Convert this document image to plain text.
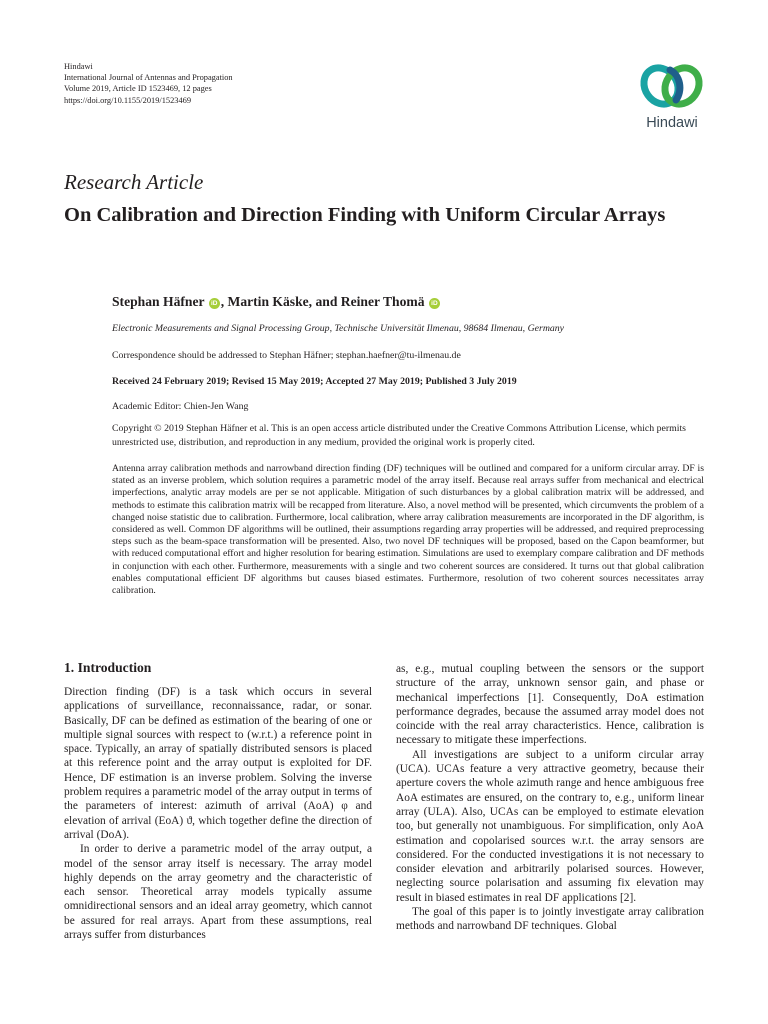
Hindawi
International Journal of Antennas and Propagation
Volume 2019, Article ID 1523469, 12 pages
https://doi.org/10.1155/2019/1523469
Hindawi
Research Article
On Calibration and Direction Finding with Uniform Circular Arrays
Stephan Häfner iD , Martin Käske, and Reiner Thomä iD
Electronic Measurements and Signal Processing Group, Technische Universität Ilmenau, 98684 Ilmenau, Germany
Correspondence should be addressed to Stephan Häfner; stephan.haefner@tu-ilmenau.de
Received 24 February 2019; Revised 15 May 2019; Accepted 27 May 2019; Published 3 July 2019
Academic Editor: Chien-Jen Wang
Copyright © 2019 Stephan Häfner et al. This is an open access article distributed under the Creative Commons Attribution License, which permits unrestricted use, distribution, and reproduction in any medium, provided the original work is properly cited.
Antenna array calibration methods and narrowband direction finding (DF) techniques will be outlined and compared for a uniform circular array. DF is stated as an inverse problem, which solution requires a parametric model of the array itself. Because real arrays suffer from mechanical and electrical imperfections, analytic array models are per se not applicable. Mitigation of such disturbances by a global calibration matrix will be addressed, and methods to estimate this calibration matrix will be recapped from literature. Also, a novel method will be presented, which circumvents the problem of a changed noise statistic due to calibration. Furthermore, local calibration, where array calibration measurements are incorporated in the DF algorithm, is considered as well. Common DF algorithms will be outlined, their assumptions regarding array properties will be addressed, and required preprocessing steps such as the beam-space transformation will be presented. Also, two novel DF techniques will be proposed, based on the Capon beamformer, but with reduced computational effort and higher resolution for bearing estimation. Simulations are used to exemplary compare calibration and DF methods in conjunction with each other. Furthermore, measurements with a single and two coherent sources are considered. It turns out that global calibration enables computational efficient DF algorithms but causes biased estimates. Furthermore, resolution of two coherent sources necessitates array calibration.
1. Introduction

Direction finding (DF) is a task which occurs in several applications of surveillance, reconnaissance, radar, or sonar. Basically, DF can be defined as estimation of the bearing of one or multiple signal sources with respect to (w.r.t.) a reference point in space. Typically, an array of spatially distributed sensors is placed at this reference point and the array output is exploited for DF. Hence, DF estimation is an inverse problem. Solving the inverse problem requires a parametric model of the array output in terms of the parameters of interest: azimuth of arrival (AoA) φ and elevation of arrival (EoA) ϑ, which together define the direction of arrival (DoA).

In order to derive a parametric model of the array output, a model of the sensor array itself is necessary. The array model highly depends on the array geometry and the characteristic of each sensor. Theoretical array models typically assume omnidirectional sensors and an ideal array geometry, which cannot be assured for real arrays. Apart from these assumptions, real arrays suffer from disturbances

as, e.g., mutual coupling between the sensors or the support structure of the array, unknown sensor gain, and phase or mechanical imperfections [1]. Consequently, DoA estimation performance degrades, because the assumed array model does not coincide with the real array characteristics. Hence, calibration is necessary to mitigate these imperfections.

All investigations are subject to a uniform circular array (UCA). UCAs feature a very attractive geometry, because their aperture covers the whole azimuth range and hence ambiguous free AoA estimates are ensured, on the contrary to, e.g., uniform linear array (ULA). Also, UCAs can be employed to estimate elevation too, but generally not unambiguous. For simplification, only AoA estimation and copolarised sources w.r.t. the array sensors are considered. For the conducted investigations it is not necessary to consider elevation and arbitrarily polarised sources. However, neglecting source polarisation and assuming fix elevation may result in biased estimates in real DF applications [2].

The goal of this paper is to jointly investigate array calibration methods and narrowband DF techniques. Global
